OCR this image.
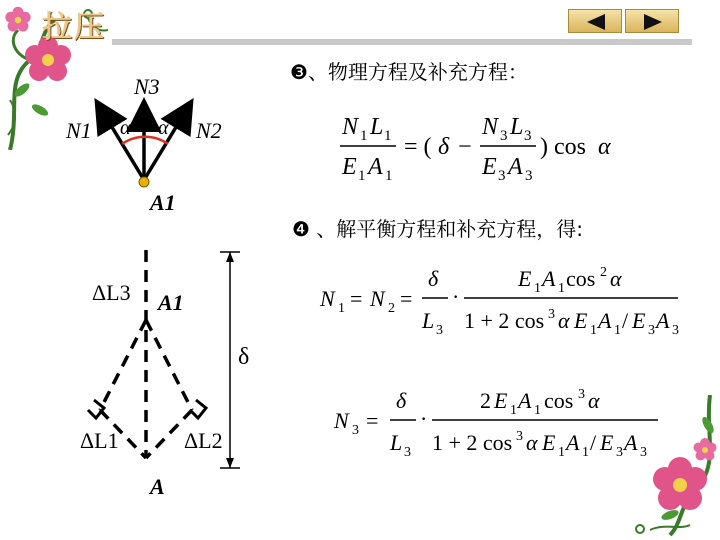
拉压
❸、物理方程及补充方程：
N3
N1	N2
α α
A1
N 1 L 1
E 1 A 1
= ( δ −
N 3 L 3
E 3 A 3
) cos α
❹ 、解平衡方程和补充方程，得:
ΔL3 A1
δ
ΔL1	ΔL2
A
N 1 = N 2 =
δ
L 3
·
E 1 A 1 cos 2 α
1 + 2 cos 3 α E 1 A 1 / E 3 A 3
N 3 =
δ
L 3
·
2 E 1 A 1 cos 3 α
1 + 2 cos 3 α E 1 A 1 / E 3 A 3
